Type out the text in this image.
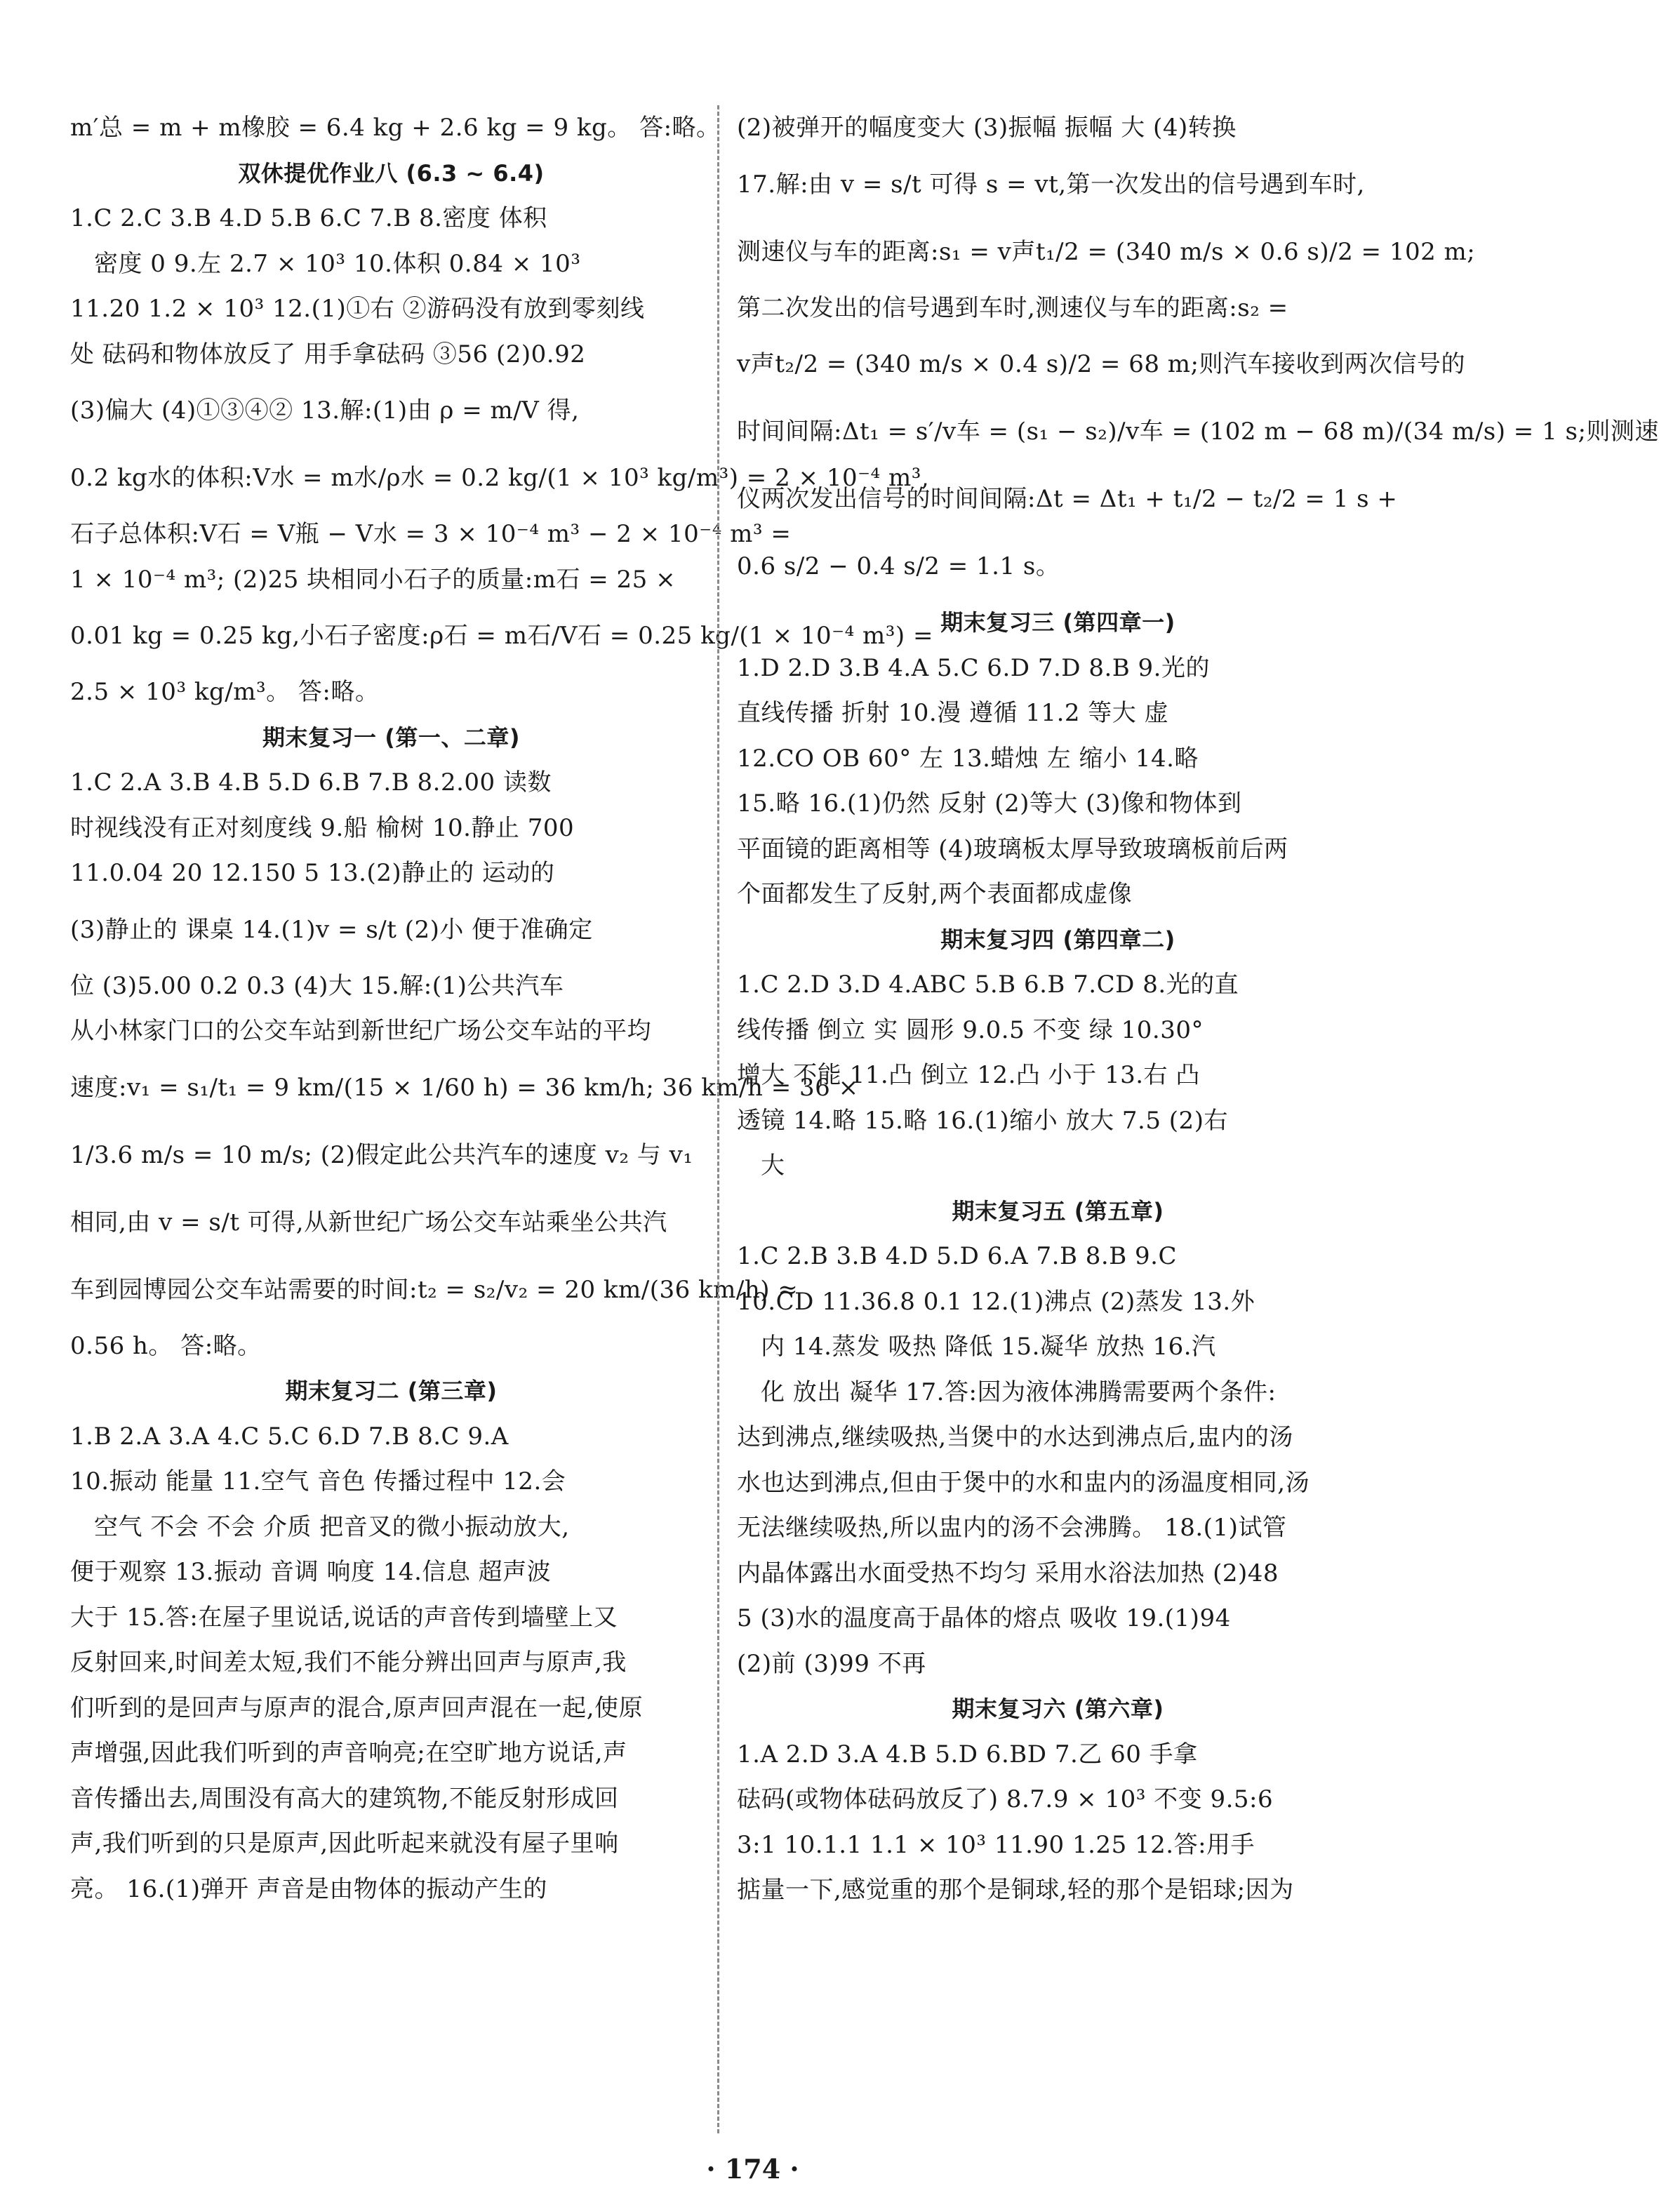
m′总 = m + m橡胶 = 6.4 kg + 2.6 kg = 9 kg。 答:略。
双休提优作业八 (6.3 ~ 6.4)
1.C 2.C 3.B 4.D 5.B 6.C 7.B 8.密度 体积
密度 0 9.左 2.7 × 10³ 10.体积 0.84 × 10³
11.20 1.2 × 10³ 12.(1)①右 ②游码没有放到零刻线
处 砝码和物体放反了 用手拿砝码 ③56 (2)0.92
(3)偏大 (4)①③④② 13.解:(1)由 ρ = m/V 得,
0.2 kg水的体积:V水 = m水/ρ水 = 0.2 kg/(1 × 10³ kg/m³) = 2 × 10⁻⁴ m³,
石子总体积:V石 = V瓶 − V水 = 3 × 10⁻⁴ m³ − 2 × 10⁻⁴ m³ =
1 × 10⁻⁴ m³; (2)25 块相同小石子的质量:m石 = 25 ×
0.01 kg = 0.25 kg,小石子密度:ρ石 = m石/V石 = 0.25 kg/(1 × 10⁻⁴ m³) =
2.5 × 10³ kg/m³。 答:略。
期末复习一 (第一、二章)
1.C 2.A 3.B 4.B 5.D 6.B 7.B 8.2.00 读数
时视线没有正对刻度线 9.船 榆树 10.静止 700
11.0.04 20 12.150 5 13.(2)静止的 运动的
(3)静止的 课桌 14.(1)v = s/t (2)小 便于准确定
位 (3)5.00 0.2 0.3 (4)大 15.解:(1)公共汽车
从小林家门口的公交车站到新世纪广场公交车站的平均
速度:v₁ = s₁/t₁ = 9 km/(15 × 1/60 h) = 36 km/h; 36 km/h = 36 ×
1/3.6 m/s = 10 m/s; (2)假定此公共汽车的速度 v₂ 与 v₁
相同,由 v = s/t 可得,从新世纪广场公交车站乘坐公共汽
车到园博园公交车站需要的时间:t₂ = s₂/v₂ = 20 km/(36 km/h) ≈
0.56 h。 答:略。
期末复习二 (第三章)
1.B 2.A 3.A 4.C 5.C 6.D 7.B 8.C 9.A
10.振动 能量 11.空气 音色 传播过程中 12.会
空气 不会 不会 介质 把音叉的微小振动放大,
便于观察 13.振动 音调 响度 14.信息 超声波
大于 15.答:在屋子里说话,说话的声音传到墙壁上又
反射回来,时间差太短,我们不能分辨出回声与原声,我
们听到的是回声与原声的混合,原声回声混在一起,使原
声增强,因此我们听到的声音响亮;在空旷地方说话,声
音传播出去,周围没有高大的建筑物,不能反射形成回
声,我们听到的只是原声,因此听起来就没有屋子里响
亮。 16.(1)弹开 声音是由物体的振动产生的
(2)被弹开的幅度变大 (3)振幅 振幅 大 (4)转换
17.解:由 v = s/t 可得 s = vt,第一次发出的信号遇到车时,
测速仪与车的距离:s₁ = v声t₁/2 = (340 m/s × 0.6 s)/2 = 102 m;
第二次发出的信号遇到车时,测速仪与车的距离:s₂ =
v声t₂/2 = (340 m/s × 0.4 s)/2 = 68 m;则汽车接收到两次信号的
时间间隔:Δt₁ = s′/v车 = (s₁ − s₂)/v车 = (102 m − 68 m)/(34 m/s) = 1 s;则测速
仪两次发出信号的时间间隔:Δt = Δt₁ + t₁/2 − t₂/2 = 1 s +
0.6 s/2 − 0.4 s/2 = 1.1 s。
期末复习三 (第四章一)
1.D 2.D 3.B 4.A 5.C 6.D 7.D 8.B 9.光的
直线传播 折射 10.漫 遵循 11.2 等大 虚
12.CO OB 60° 左 13.蜡烛 左 缩小 14.略
15.略 16.(1)仍然 反射 (2)等大 (3)像和物体到
平面镜的距离相等 (4)玻璃板太厚导致玻璃板前后两
个面都发生了反射,两个表面都成虚像
期末复习四 (第四章二)
1.C 2.D 3.D 4.ABC 5.B 6.B 7.CD 8.光的直
线传播 倒立 实 圆形 9.0.5 不变 绿 10.30°
增大 不能 11.凸 倒立 12.凸 小于 13.右 凸
透镜 14.略 15.略 16.(1)缩小 放大 7.5 (2)右
大
期末复习五 (第五章)
1.C 2.B 3.B 4.D 5.D 6.A 7.B 8.B 9.C
10.CD 11.36.8 0.1 12.(1)沸点 (2)蒸发 13.外
内 14.蒸发 吸热 降低 15.凝华 放热 16.汽
化 放出 凝华 17.答:因为液体沸腾需要两个条件:
达到沸点,继续吸热,当煲中的水达到沸点后,盅内的汤
水也达到沸点,但由于煲中的水和盅内的汤温度相同,汤
无法继续吸热,所以盅内的汤不会沸腾。 18.(1)试管
内晶体露出水面受热不均匀 采用水浴法加热 (2)48
5 (3)水的温度高于晶体的熔点 吸收 19.(1)94
(2)前 (3)99 不再
期末复习六 (第六章)
1.A 2.D 3.A 4.B 5.D 6.BD 7.乙 60 手拿
砝码(或物体砝码放反了) 8.7.9 × 10³ 不变 9.5:6
3:1 10.1.1 1.1 × 10³ 11.90 1.25 12.答:用手
掂量一下,感觉重的那个是铜球,轻的那个是铝球;因为
· 174 ·
